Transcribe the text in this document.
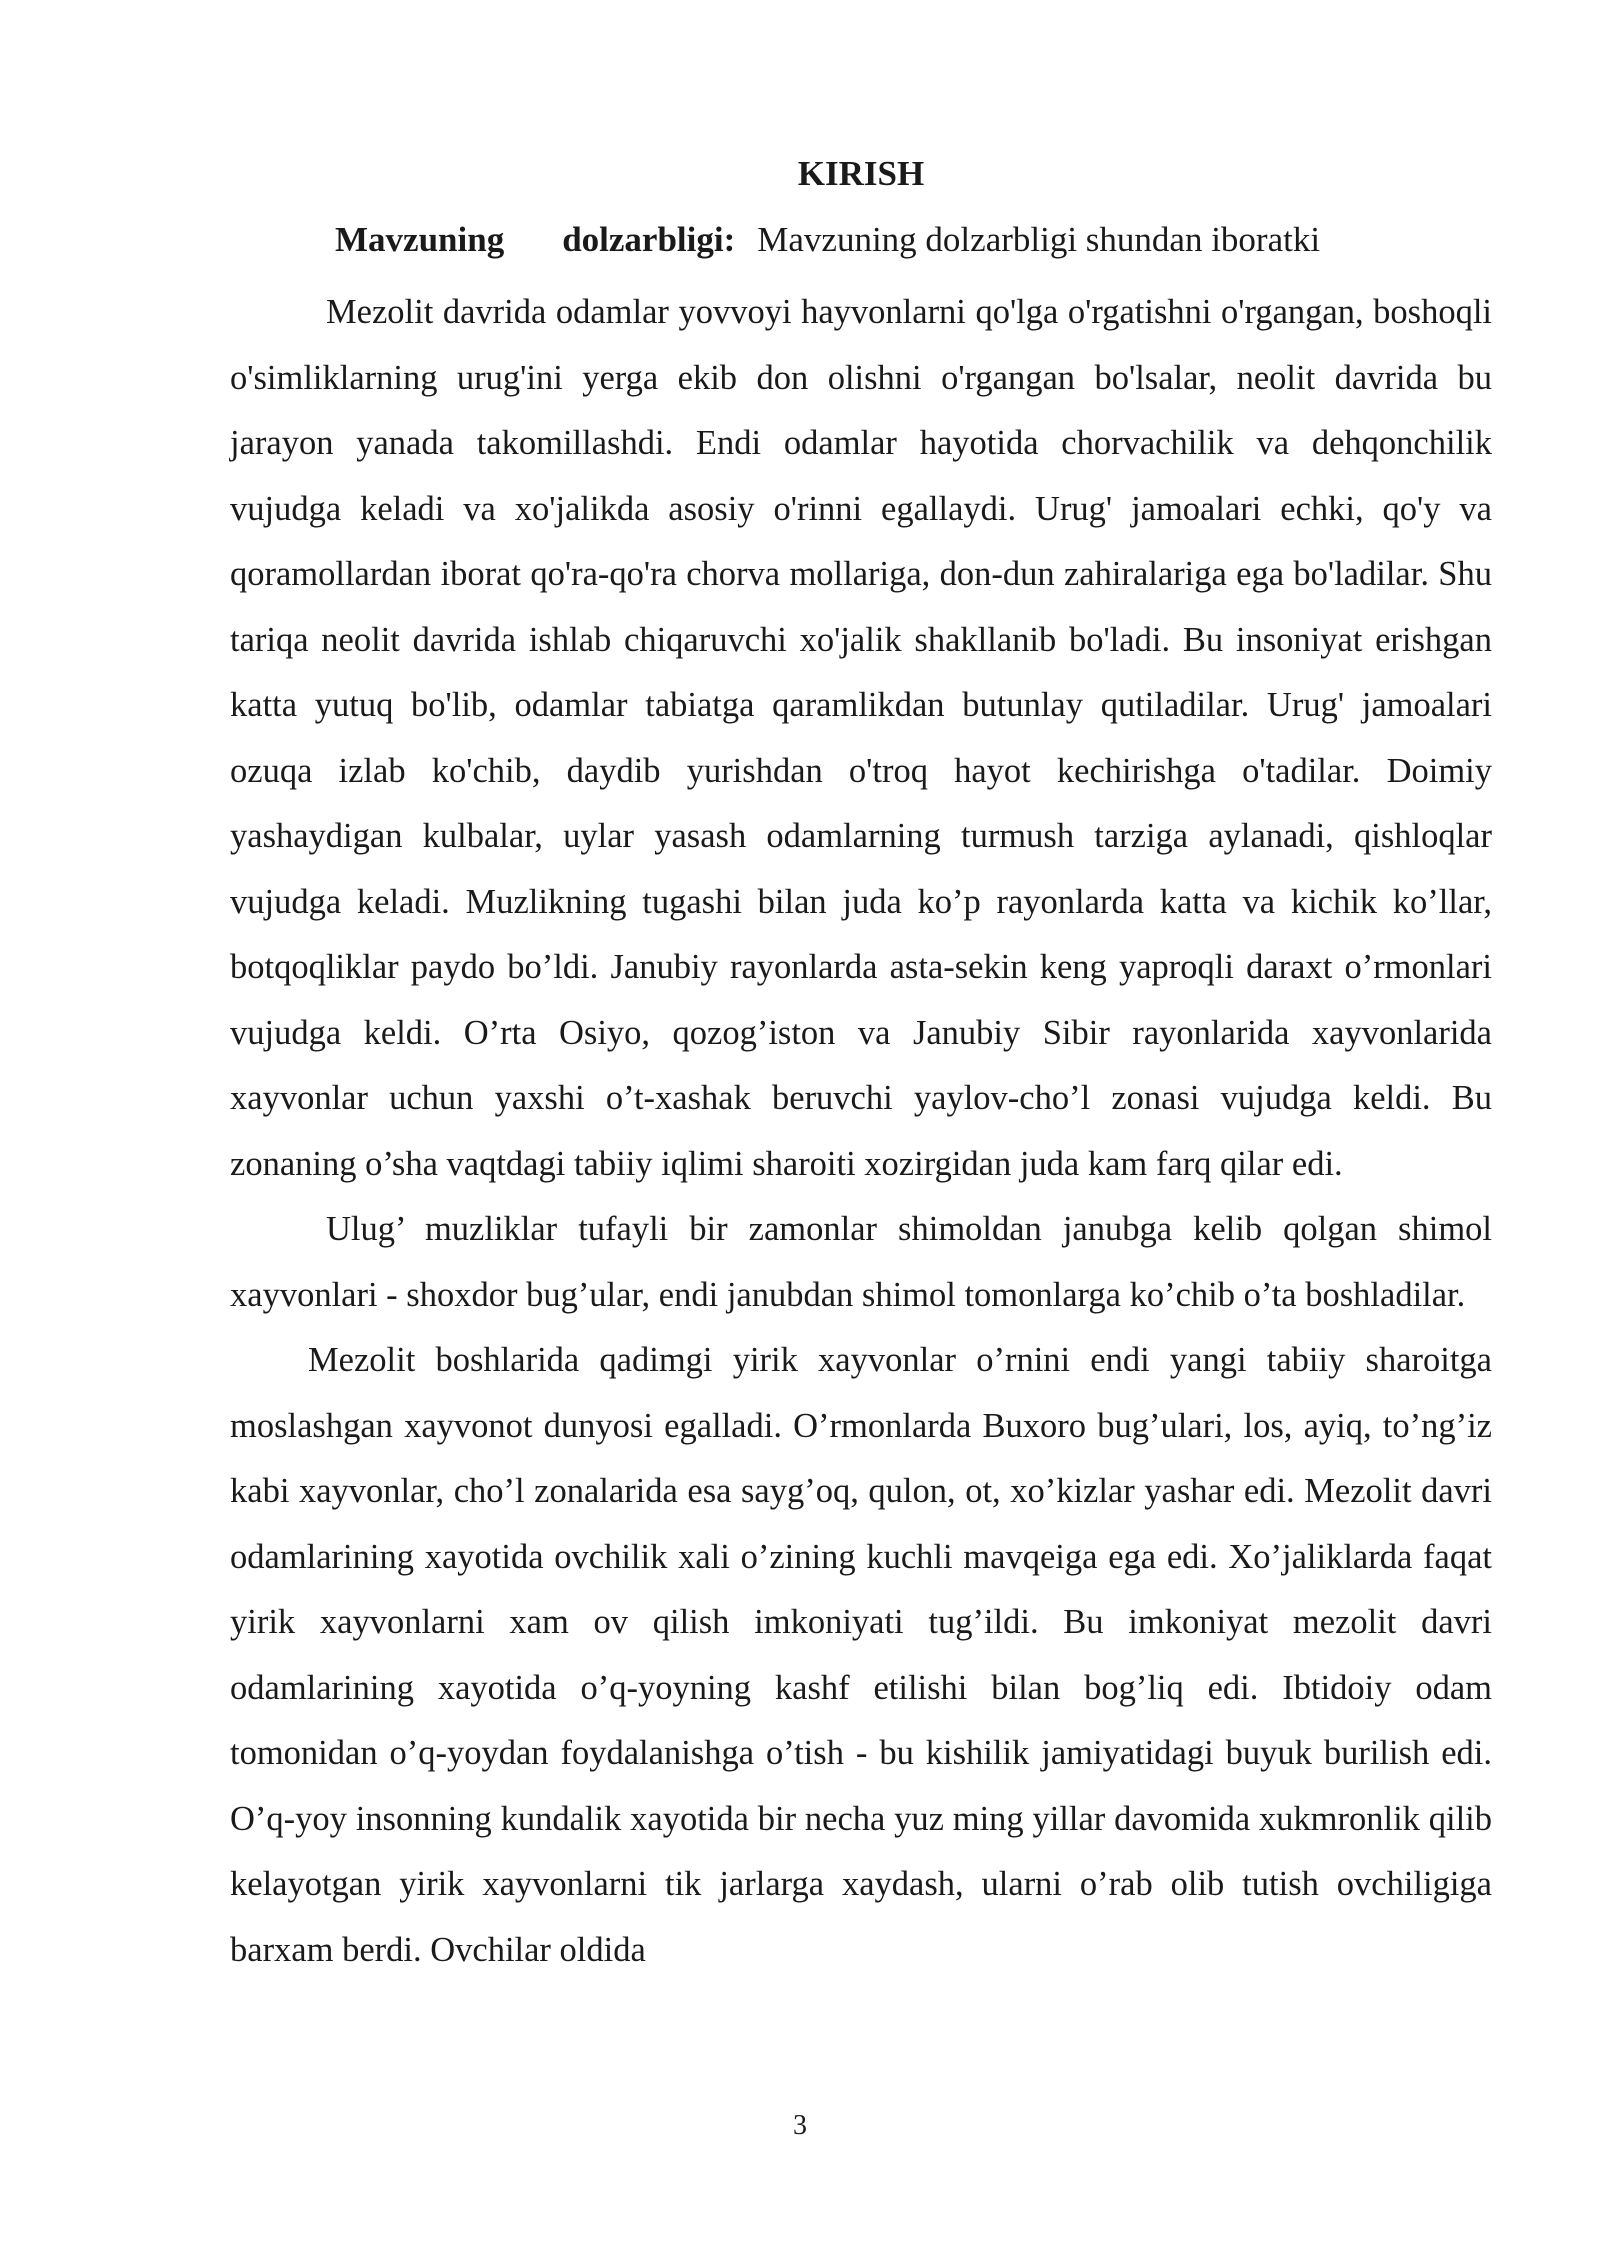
KIRISH
Mavzuning dolzarbligi: Mavzuning dolzarbligi shundan iboratki

Mezolit davrida odamlar yovvoyi hayvonlarni qo'lga o'rgatishni o'rgangan, boshoqli o'simliklarning urug'ini yerga ekib don olishni o'rgangan bo'lsalar, neolit davrida bu jarayon yanada takomillashdi. Endi odamlar hayotida chorvachilik va dehqonchilik vujudga keladi va xo'jalikda asosiy o'rinni egallaydi. Urug' jamoalari echki, qo'y va qoramollardan iborat qo'ra-qo'ra chorva mollariga, don-dun zahiralariga ega bo'ladilar. Shu tariqa neolit davrida ishlab chiqaruvchi xo'jalik shakllanib bo'ladi. Bu insoniyat erishgan katta yutuq bo'lib, odamlar tabiatga qaramlikdan butunlay qutiladilar. Urug' jamoalari ozuqa izlab ko'chib, daydib yurishdan o'troq hayot kechirishga o'tadilar. Doimiy yashaydigan kulbalar, uylar yasash odamlarning turmush tarziga aylanadi, qishloqlar vujudga keladi. Muzlikning tugashi bilan juda ko’p rayonlarda katta va kichik ko’llar, botqoqliklar paydo bo’ldi. Janubiy rayonlarda asta-sekin keng yaproqli daraxt o’rmonlari vujudga keldi. O’rta Osiyo, qozog’iston va Janubiy Sibir rayonlarida xayvonlarida xayvonlar uchun yaxshi o’t-xashak beruvchi yaylov-cho’l zonasi vujudga keldi. Bu zonaning o’sha vaqtdagi tabiiy iqlimi sharoiti xozirgidan juda kam farq qilar edi.

Ulug’ muzliklar tufayli bir zamonlar shimoldan janubga kelib qolgan shimol xayvonlari - shoxdor bug’ular, endi janubdan shimol tomonlarga ko’chib o’ta boshladilar.

Mezolit boshlarida qadimgi yirik xayvonlar o’rnini endi yangi tabiiy sharoitga moslashgan xayvonot dunyosi egalladi. O’rmonlarda Buxoro bug’ulari, los, ayiq, to’ng’iz kabi xayvonlar, cho’l zonalarida esa sayg’oq, qulon, ot, xo’kizlar yashar edi. Mezolit davri odamlarining xayotida ovchilik xali o’zining kuchli mavqeiga ega edi. Xo’jaliklarda faqat yirik xayvonlarni xam ov qilish imkoniyati tug’ildi. Bu imkoniyat mezolit davri odamlarining xayotida o’q-yoyning kashf etilishi bilan bog’liq edi. Ibtidoiy odam tomonidan o’q-yoydan foydalanishga o’tish - bu kishilik jamiyatidagi buyuk burilish edi. O’q-yoy insonning kundalik xayotida bir necha yuz ming yillar davomida xukmronlik qilib kelayotgan yirik xayvonlarni tik jarlarga xaydash, ularni o’rab olib tutish ovchiligiga barxam berdi. Ovchilar oldida

3
